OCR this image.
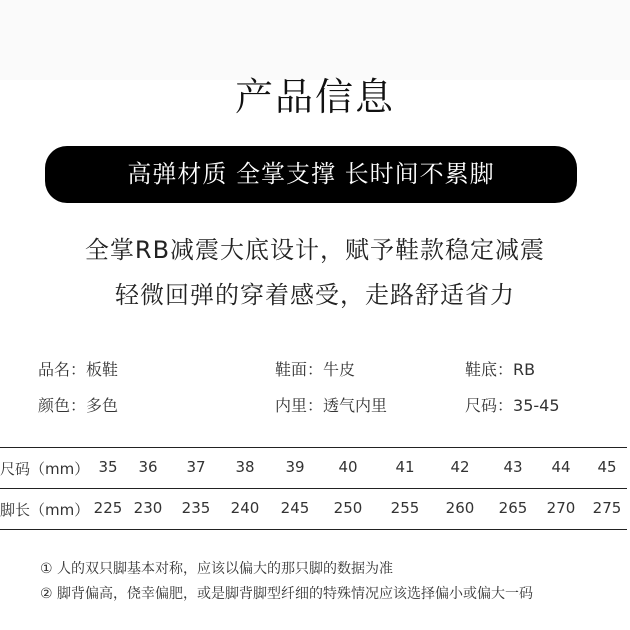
产品信息
高弹材质 全掌支撑 长时间不累脚
全掌RB减震大底设计，赋予鞋款稳定减震
轻微回弹的穿着感受，走路舒适省力
品名：板鞋	鞋面：牛皮	鞋底：RB
颜色：多色	内里：透气内里	尺码：35-45
尺码（mm） 35 36 37 38 39 40	41 42 43 44 45
脚长（mm） 225 230 235 240 245 250 255 260 265 270 275
① 人的双只脚基本对称，应该以偏大的那只脚的数据为准
② 脚背偏高，侥幸偏肥，或是脚背脚型纤细的特殊情况应该选择偏小或偏大一码
